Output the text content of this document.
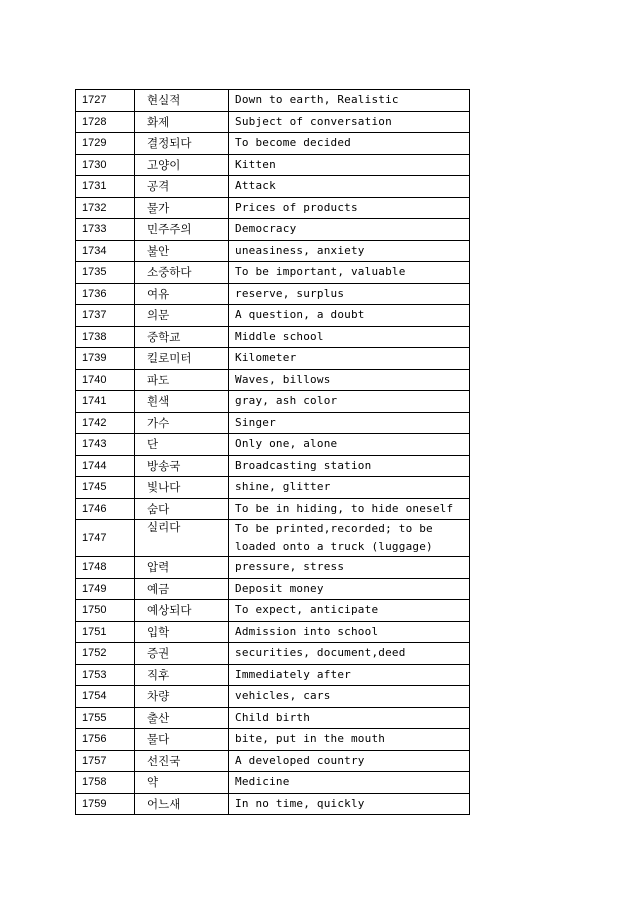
1727	현실적	Down to earth, Realistic
1728	화제	Subject of conversation
1729	결정되다	To become decided
1730	고양이	Kitten
1731	공격	Attack
1732	물가	Prices of products
1733	민주주의	Democracy
1734	불안	uneasiness, anxiety
1735	소중하다	To be important, valuable
1736	여유	reserve, surplus
1737	의문	A question, a doubt
1738	중학교	Middle school
1739	킬로미터	Kilometer
1740	파도	Waves, billows
1741	흰색	gray, ash color
1742	가수	Singer
1743	단	Only one, alone
1744	방송국	Broadcasting station
1745	빛나다	shine, glitter
1746	숨다	To be in hiding, to hide oneself
1747	실리다	To be printed,recorded; to be loaded onto a truck (luggage)
1748	압력	pressure, stress
1749	예금	Deposit money
1750	예상되다	To expect, anticipate
1751	입학	Admission into school
1752	증권	securities, document,deed
1753	직후	Immediately after
1754	차량	vehicles, cars
1755	출산	Child birth
1756	물다	bite, put in the mouth
1757	선진국	A developed country
1758	약	Medicine
1759	어느새	In no time, quickly
